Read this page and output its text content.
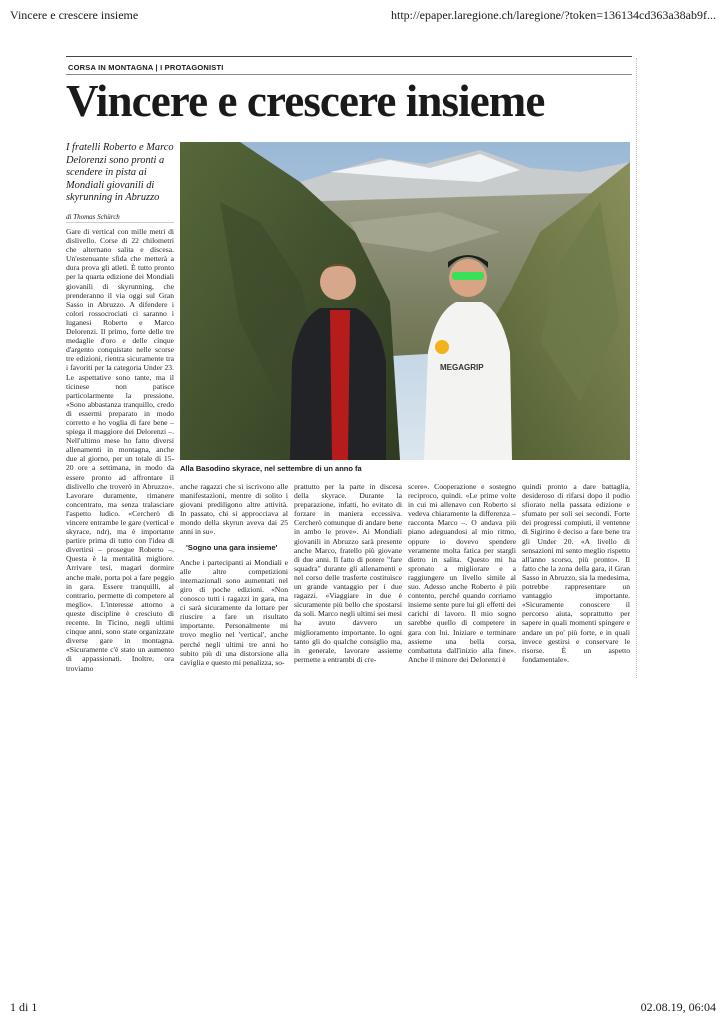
Vincere e crescere insieme	http://epaper.laregione.ch/laregione/?token=136134cd363a38ab9f...
CORSA IN MONTAGNA | I PROTAGONISTI
Vincere e crescere insieme
I fratelli Roberto e Marco Delorenzi sono pronti a scendere in pista ai Mondiali giovanili di skyrunning in Abruzzo
di Thomas Schürch

Gare di vertical con mille metri di dislivello. Corse di 22 chilometri che alternano salita e discesa. Un'estenuante sfida che metterà a dura prova gli atleti. È tutto pronto per la quarta edizione dei Mondiali giovanili di skyrunning, che prenderanno il via oggi sul Gran Sasso in Abruzzo. A difendere i colori rossocrociati ci saranno i luganesi Roberto e Marco Delorenzi. Il primo, forte delle tre medaglie d'oro e delle cinque d'argento conquistate nelle scorse tre edizioni, rientra sicuramente tra i favoriti per la categoria Under 23. Le aspettative sono tante, ma il ticinese non patisce particolarmente la pressione. «Sono abbastanza tranquillo, credo di essermi preparato in modo corretto e ho voglia di fare bene – spiega il maggiore dei Delorenzi –. Nell'ultimo mese ho fatto diversi allenamenti in montagna, anche due al giorno, per un totale di 15-20 ore a settimana, in modo da essere pronto ad affrontare il dislivello che troverò in Abruzzo». Lavorare duramente, rimanere concentrato, ma senza tralasciare l'aspetto ludico. «Cercherò di vincere entrambe le gare (vertical e skyrace, ndr), ma è importante partire prima di tutto con l'idea di divertirsi – prosegue Roberto –. Questa è la mentalità migliore. Arrivare tesi, magari dormire anche male, porta poi a fare peggio in gara. Essere tranquilli, al contrario, permette di competere al meglio». L'interesse attorno a queste discipline è cresciuto di recente. In Ticino, negli ultimi cinque anni, sono state organizzate diverse gare in montagna. «Sicuramente c'è stato un aumento di appassionati. Inoltre, ora troviamo

MEGAGRIP
Alla Basodino skyrace, nel settembre di un anno fa

anche ragazzi che si iscrivono alle manifestazioni, mentre di solito i giovani prediligono altre attività. In passato, chi si approcciava al mondo della skyrun aveva dai 25 anni in su».

'Sogno una gara insieme'

Anche i partecipanti ai Mondiali e alle altre competizioni internazionali sono aumentati nel giro di poche edizioni. «Non conosco tutti i ragazzi in gara, ma ci sarà sicuramente da lottare per riuscire a fare un risultato importante. Personalmente mi trovo meglio nel 'vertical', anche perché negli ultimi tre anni ho subito più di una distorsione alla caviglia e questo mi penalizza, so-

prattutto per la parte in discesa della skyrace. Durante la preparazione, infatti, ho evitato di forzare in maniera eccessiva. Cercherò comunque di andare bene in ambo le prove». Ai Mondiali giovanili in Abruzzo sarà presente anche Marco, fratello più giovane di due anni. Il fatto di potere "fare squadra" durante gli allenamenti e nel corso delle trasferte costituisce un grande vantaggio per i due ragazzi. «Viaggiare in due è sicuramente più bello che spostarsi da soli. Marco negli ultimi sei mesi ha avuto davvero un miglioramento importante. Io ogni tanto gli do qualche consiglio ma, in generale, lavorare assieme permette a entrambi di cre-

scere». Cooperazione e sostegno reciproco, quindi. «Le prime volte in cui mi allenavo con Roberto si vedeva chiaramente la differenza – racconta Marco –. O andava più piano adeguandosi al mio ritmo, oppure io dovevo spendere veramente molta fatica per stargli dietro in salita. Questo mi ha spronato a migliorare e a raggiungere un livello simile al suo. Adesso anche Roberto è più contento, perché quando corriamo insieme sente pure lui gli effetti dei carichi di lavoro. Il mio sogno sarebbe quello di competere in gara con lui. Iniziare e terminare assieme una bella corsa, combattuta dall'inizio alla fine». Anche il minore dei Delorenzi è

quindi pronto a dare battaglia, desideroso di rifarsi dopo il podio sfiorato nella passata edizione e sfumato per soli sei secondi. Forte dei progressi compiuti, il ventenne di Sigirino è deciso a fare bene tra gli Under 20. «A livello di sensazioni mi sento meglio rispetto all'anno scorso, più pronto». Il fatto che la zona della gara, il Gran Sasso in Abruzzo, sia la medesima, potrebbe rappresentare un vantaggio importante. «Sicuramente conoscere il percorso aiuta, soprattutto per sapere in quali momenti spingere e andare un po' più forte, e in quali invece gestirsi e conservare le risorse. È un aspetto fondamentale».

1 di 1	02.08.19, 06:04
